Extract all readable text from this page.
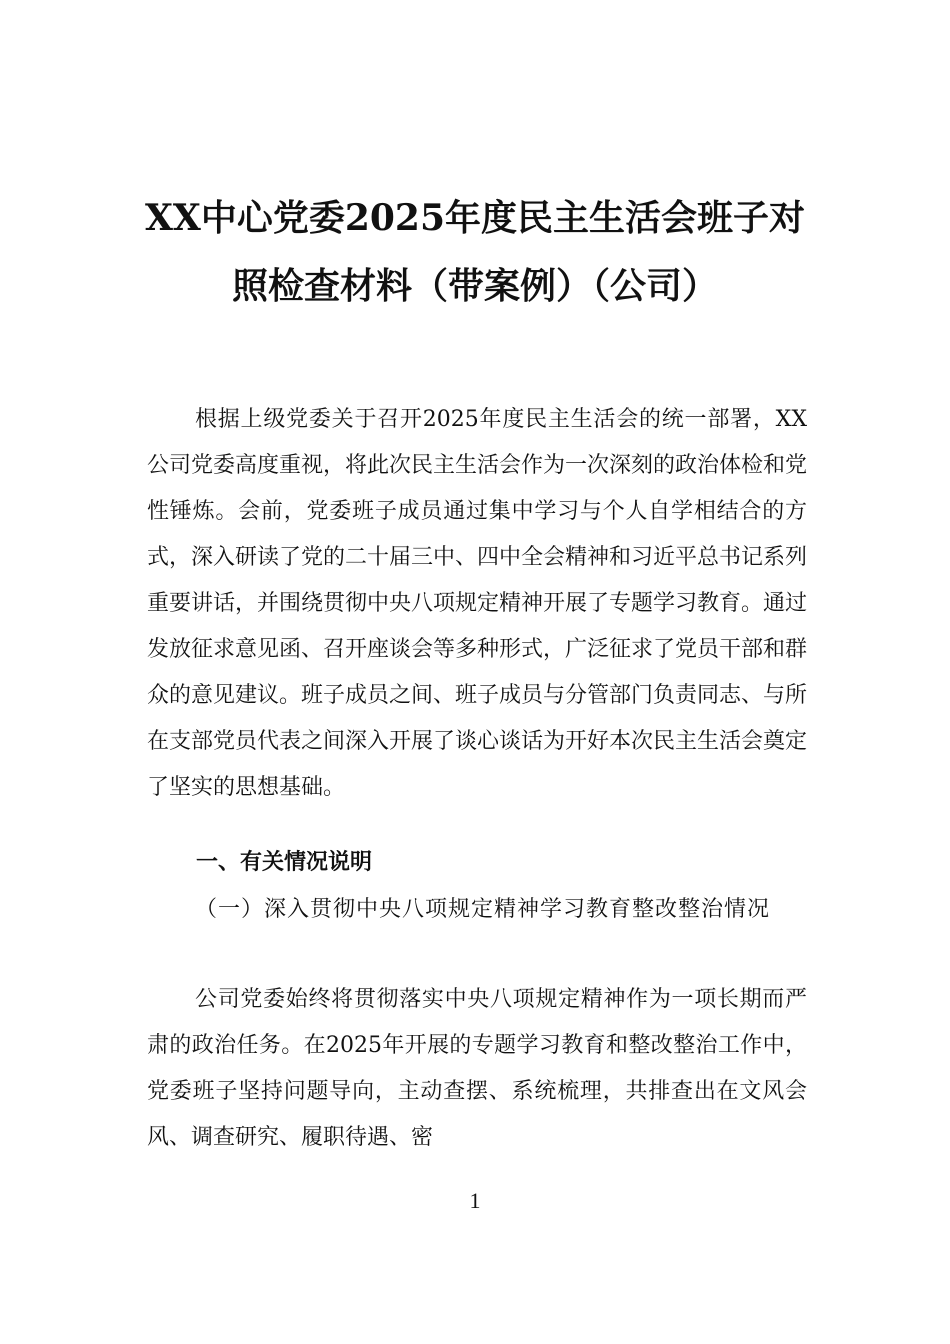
XX中心党委2025年度民主生活会班子对
照检查材料（带案例）（公司）
根据上级党委关于召开2025年度民主生活会的统一部署，XX公司党委高度重视，将此次民主生活会作为一次深刻的政治体检和党性锤炼。会前，党委班子成员通过集中学习与个人自学相结合的方式，深入研读了党的二十届三中、四中全会精神和习近平总书记系列重要讲话，并围绕贯彻中央八项规定精神开展了专题学习教育。通过发放征求意见函、召开座谈会等多种形式，广泛征求了党员干部和群众的意见建议。班子成员之间、班子成员与分管部门负责同志、与所在支部党员代表之间深入开展了谈心谈话为开好本次民主生活会奠定了坚实的思想基础。
一、有关情况说明
（一）深入贯彻中央八项规定精神学习教育整改整治情况
公司党委始终将贯彻落实中央八项规定精神作为一项长期而严肃的政治任务。在2025年开展的专题学习教育和整改整治工作中，党委班子坚持问题导向，主动查摆、系统梳理，共排查出在文风会风、调查研究、履职待遇、密
1
